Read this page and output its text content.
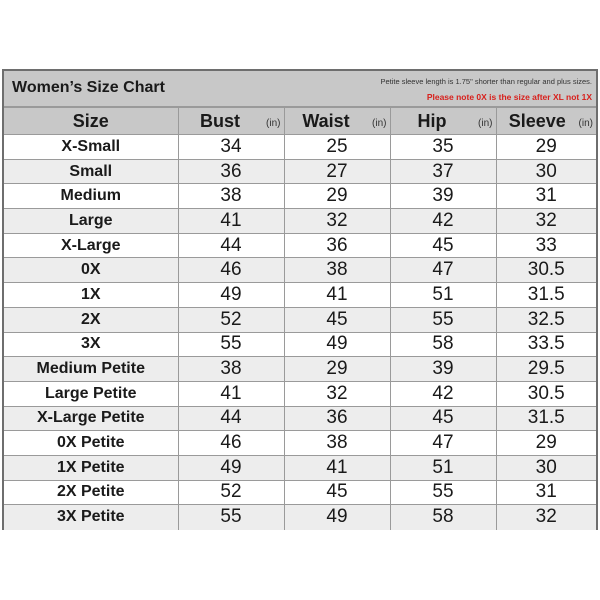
Women’s Size Chart	Petite sleeve length is 1.75" shorter than regular and plus sizes.
Please note 0X is the size after XL not 1X
Size	Bust (in)	Waist (in)	Hip (in)	Sleeve (in)

X-Small	34	25	35	29
Small	36	27	37	30
Medium	38	29	39	31
Large	41	32	42	32
X-Large	44	36	45	33
0X	46	38	47	30.5
1X	49	41	51	31.5
2X	52	45	55	32.5
3X	55	49	58	33.5
Medium Petite	38	29	39	29.5
Large Petite	41	32	42	30.5
X-Large Petite	44	36	45	31.5
0X Petite	46	38	47	29
1X Petite	49	41	51	30
2X Petite	52	45	55	31
3X Petite	55	49	58	32
